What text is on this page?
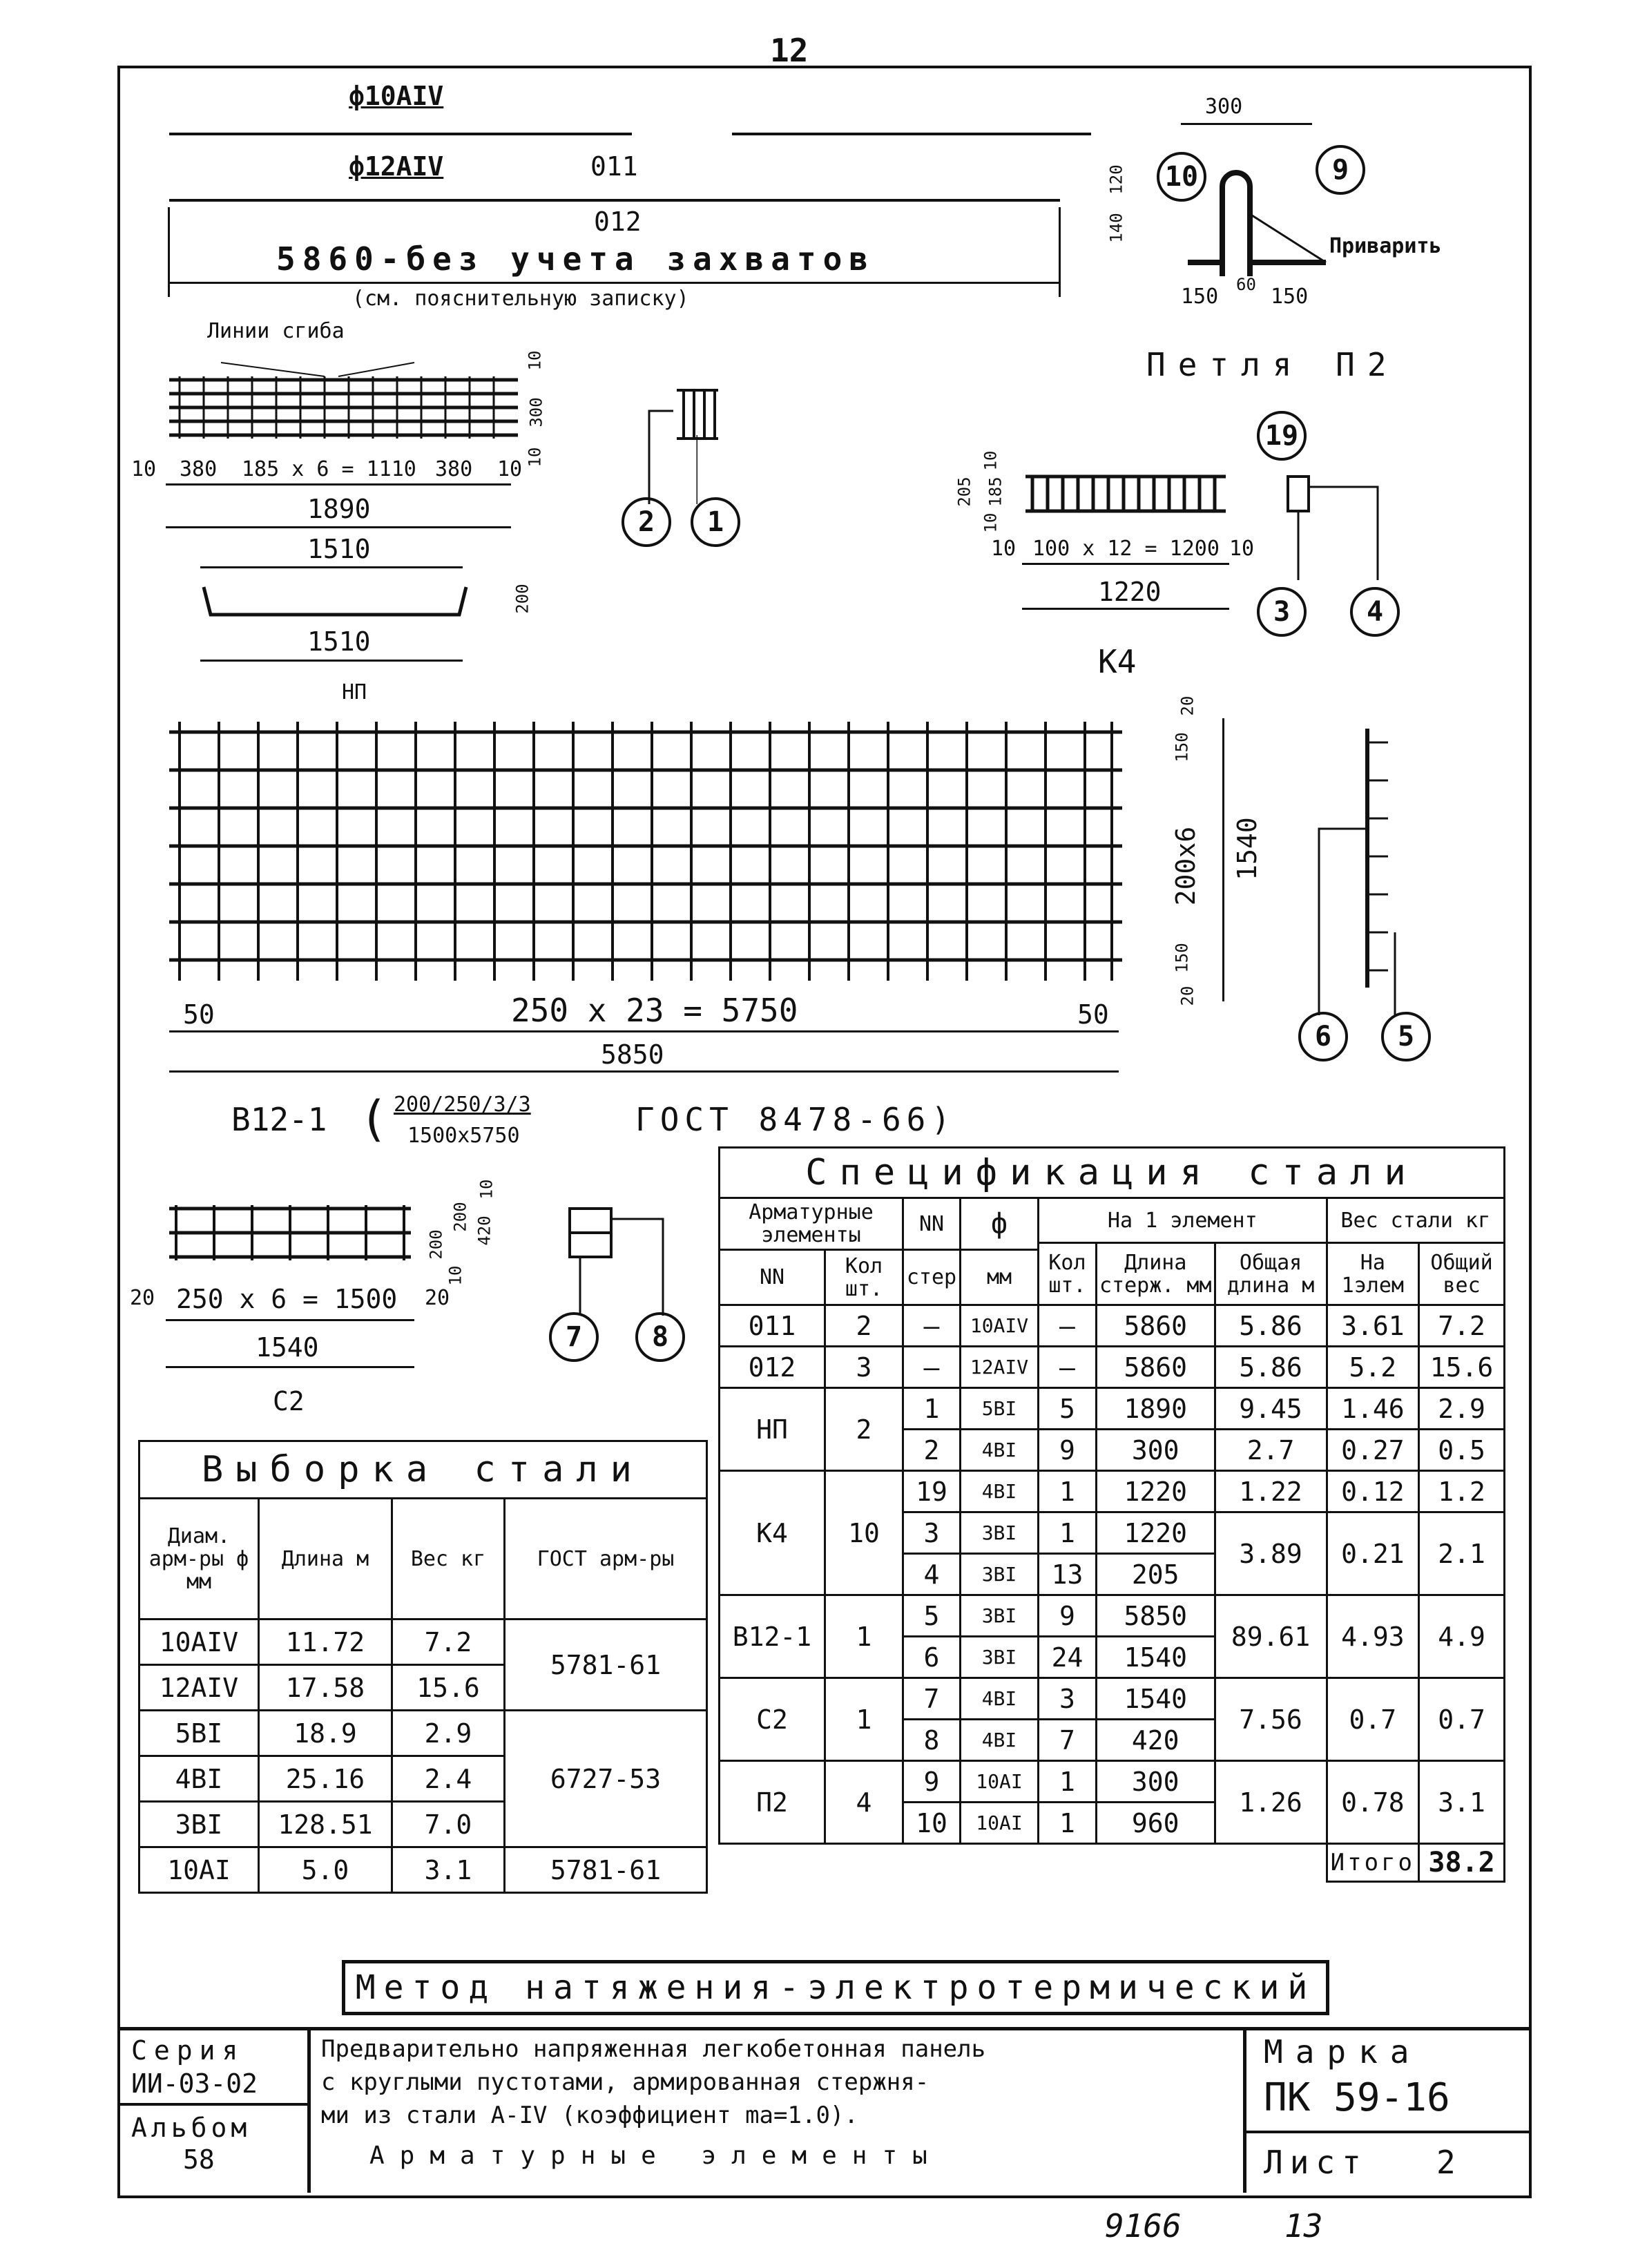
12
ф10АIV
ф12АIV	011
012
5860-без учета захватов
(см. пояснительную записку)
300
10	9
120
140
Приварить
150 60 150
Петля П2
Линии сгиба
10
300
10
10 380 185 х 6 = 1110 380 10
1890
1510
2	1
200
1510
НП
205
10
185
10
19
10 100 х 12 = 1200 10
1220
3	4
К4
150
20
200х6 1540
150
20
6	5
50	250 х 23 = 5750	50
5850
В12-1 ( 200/250/3/3
1500х5750	ГОСТ 8478-66)
200
200 420
10
10
20 250 х 6 = 1500 20
1540
С2
7	8
Выборка стали			
Диам. арм-ры ф мм	Длина м	Вес кг	ГОСТ арм-ры
10АIV	11.72	7.2	5781-61
12АIV	17.58	15.6	
5ВI	18.9	2.9	6727-53
4ВI	25.16	2.4	
3ВI	128.51	7.0	
10АI	5.0	3.1	5781-61
Спецификация стали								
Арматурные элементы		NN	ф	На 1 элемент			Вес стали кг	
				Кол шт.	Длина стерж. мм	Общая длина м	На 1элем	Общий вес
NN	Кол шт.	стер	мм					
011	2	—	10АIV	—	5860	5.86	3.61	7.2
012	3	—	12АIV	—	5860	5.86	5.2	15.6
НП	2	1	5ВI	5	1890	9.45	1.46	2.9
		2	4ВI	9	300	2.7	0.27	0.5
К4	10	19	4ВI	1	1220	1.22	0.12	1.2
		3	3ВI	1	1220	3.89	0.21	2.1
		4	3ВI	13	205			
В12-1	1	5	3ВI	9	5850	89.61	4.93	4.9
		6	3ВI	24	1540			
С2	1	7	4ВI	3	1540	7.56	0.7	0.7
		8	4ВI	7	420			
П2	4	9	10АI	1	300	1.26	0.78	3.1
		10	10АI	1	960			
							Итого	38.2
Метод натяжения-электротермический
Серия
ИИ-03-02
Альбом
58
Предварительно напряженная легкобетонная панель
с круглыми пустотами, армированная стержня-
ми из стали А-IV (коэффициент ma=1.0).
Арматурные элементы
Марка
ПК 59-16
Лист 2
9166	13
